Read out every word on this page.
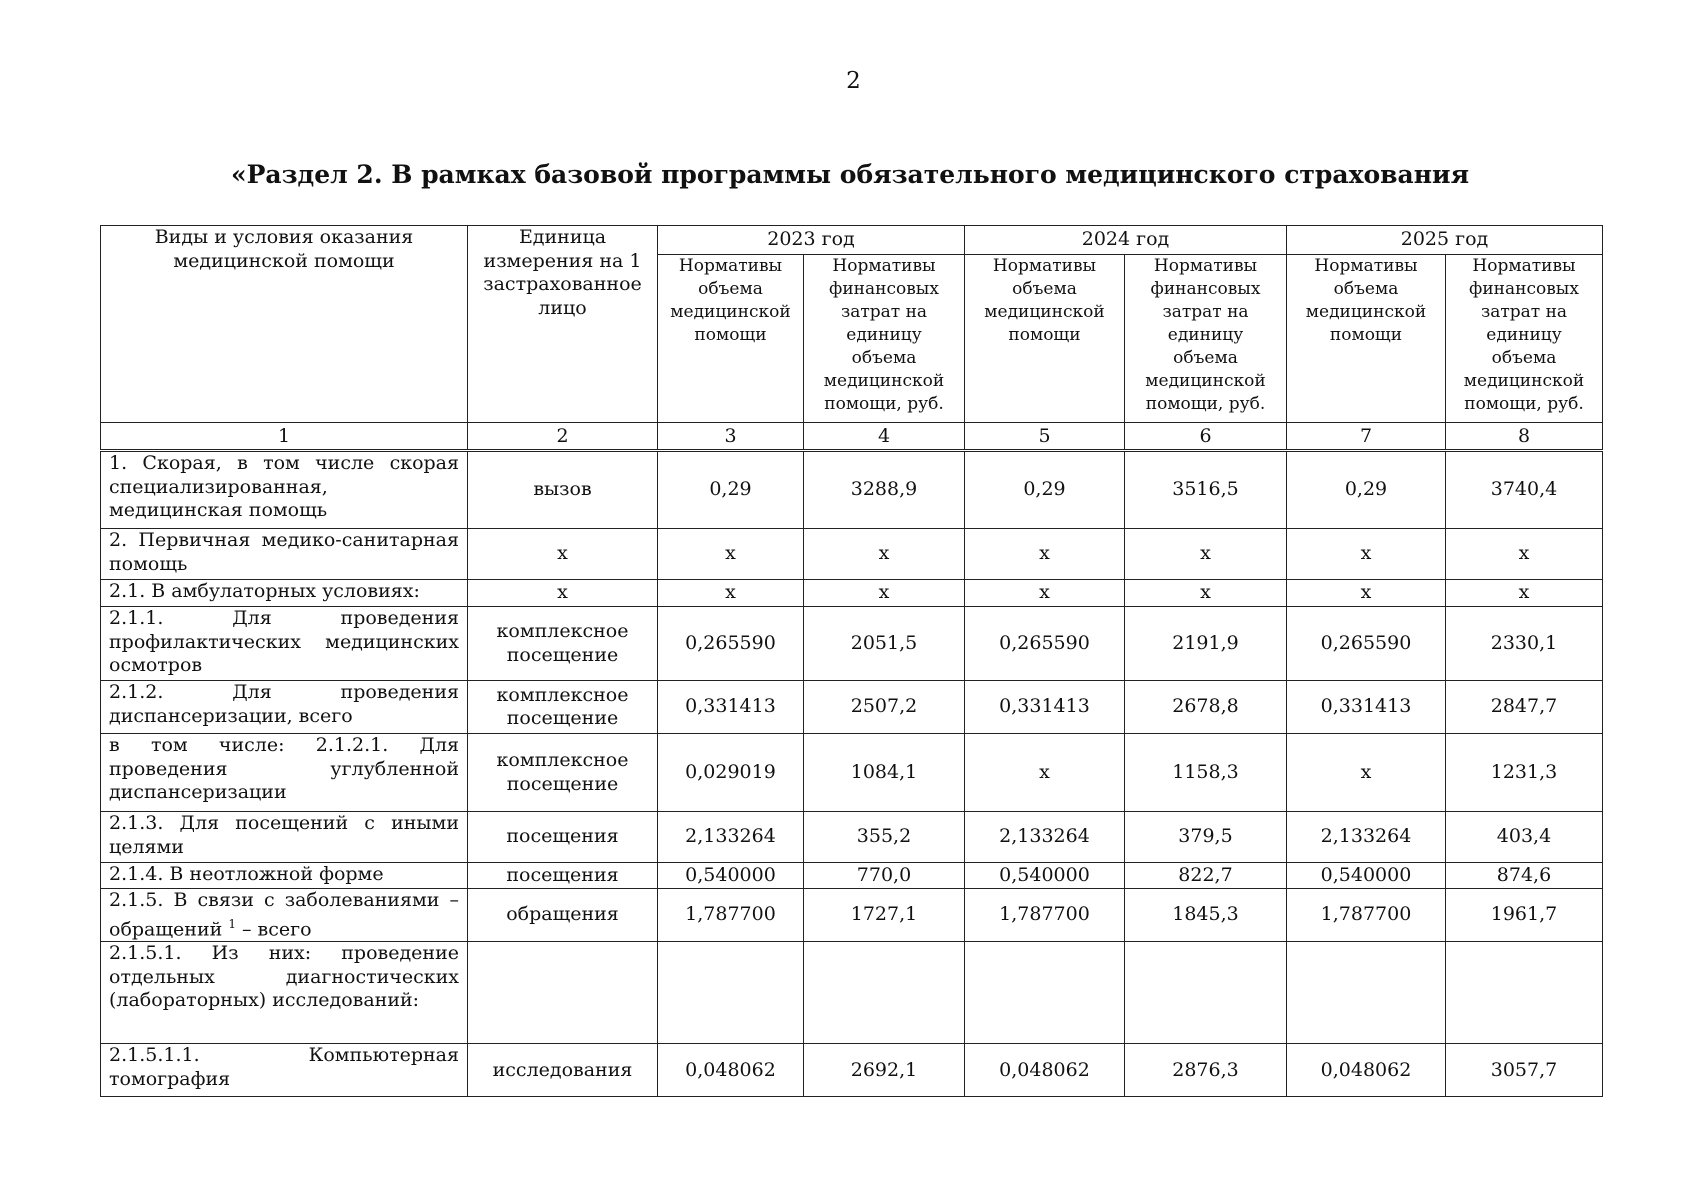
2
«Раздел 2. В рамках базовой программы обязательного медицинского страхования
Виды и условия оказания медицинской помощи	Единица измерения на 1 застрахованное лицо	2023 год		2024 год		2025 год	
		Нормативы объема медицинской помощи	Нормативы финансовых затрат на единицу объема медицинской помощи, руб.	Нормативы объема медицинской помощи	Нормативы финансовых затрат на единицу объема медицинской помощи, руб.	Нормативы объема медицинской помощи	Нормативы финансовых затрат на единицу объема медицинской помощи, руб.
1	2	3	4	5	6	7	8
1. Скорая, в том числе скорая специализированная, медицинская помощь	вызов	0,29	3288,9	0,29	3516,5	0,29	3740,4
2. Первичная медико-санитарная помощь	х	х	х	х	х	х	х
2.1. В амбулаторных условиях:	х	х	х	х	х	х	х
2.1.1. Для проведения профилактических медицинских осмотров	комплексное посещение	0,265590	2051,5	0,265590	2191,9	0,265590	2330,1
2.1.2. Для проведения диспансеризации, всего	комплексное посещение	0,331413	2507,2	0,331413	2678,8	0,331413	2847,7
в том числе: 2.1.2.1. Для проведения углубленной диспансеризации	комплексное посещение	0,029019	1084,1	х	1158,3	х	1231,3
2.1.3. Для посещений с иными целями	посещения	2,133264	355,2	2,133264	379,5	2,133264	403,4
2.1.4. В неотложной форме	посещения	0,540000	770,0	0,540000	822,7	0,540000	874,6
2.1.5. В связи с заболеваниями – обращений $^1$ – всего	обращения	1,787700	1727,1	1,787700	1845,3	1,787700	1961,7
2.1.5.1. Из них: проведение отдельных диагностических (лабораторных) исследований:							
2.1.5.1.1. Компьютерная томография	исследования	0,048062	2692,1	0,048062	2876,3	0,048062	3057,7
